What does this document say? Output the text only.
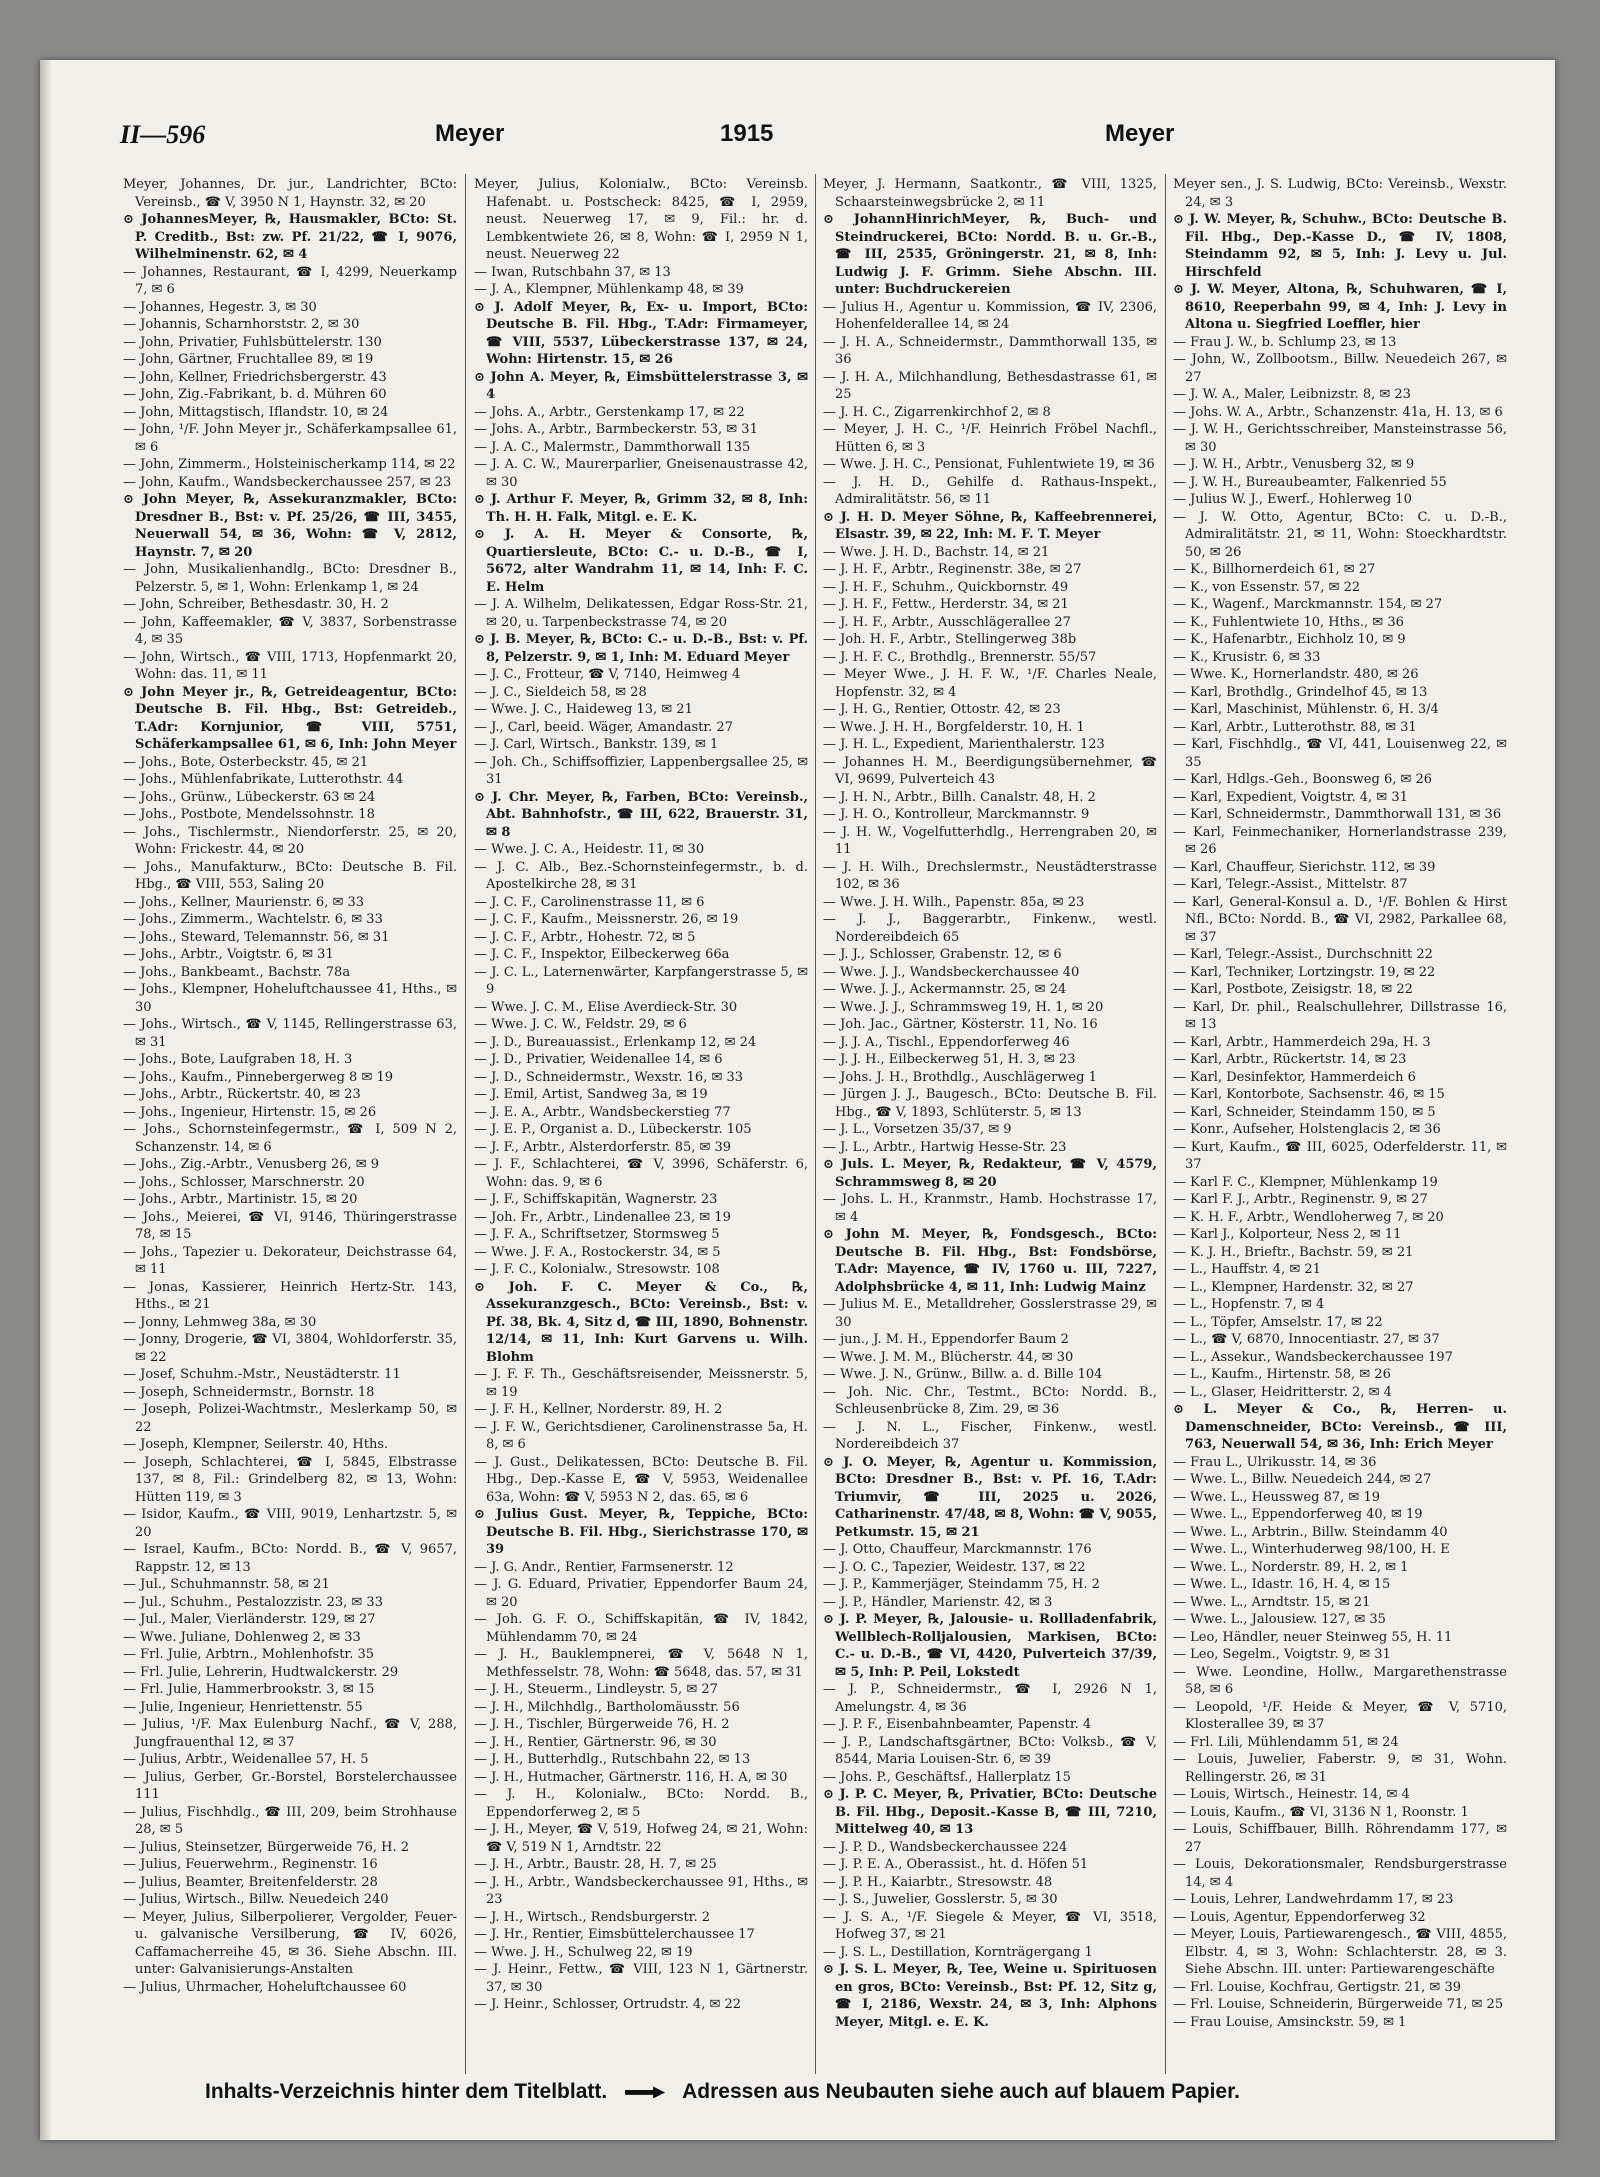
II—596	Meyer	1915	Meyer

Meyer, Johannes, Dr. jur., Landrichter, BCto: Vereinsb., ☎ V, 3950 N 1, Haynstr. 32, ✉ 20

⊙ JohannesMeyer, ℞, Hausmakler, BCto: St. P. Creditb., Bst: zw. Pf. 21/22, ☎ I, 9076, Wilhelminenstr. 62, ✉ 4

— Johannes, Restaurant, ☎ I, 4299, Neuerkamp 7, ✉ 6

— Johannes, Hegestr. 3, ✉ 30

— Johannis, Scharnhorststr. 2, ✉ 30

— John, Privatier, Fuhlsbüttelerstr. 130

— John, Gärtner, Fruchtallee 89, ✉ 19

— John, Kellner, Friedrichsbergerstr. 43

— John, Zig.-Fabrikant, b. d. Mühren 60

— John, Mittagstisch, Iflandstr. 10, ✉ 24

— John, ¹/F. John Meyer jr., Schäferkampsallee 61, ✉ 6

— John, Zimmerm., Holsteinischerkamp 114, ✉ 22

— John, Kaufm., Wandsbeckerchaussee 257, ✉ 23

⊙ John Meyer, ℞, Assekuranzmakler, BCto: Dresdner B., Bst: v. Pf. 25/26, ☎ III, 3455, Neuerwall 54, ✉ 36, Wohn: ☎ V, 2812, Haynstr. 7, ✉ 20

— John, Musikalienhandlg., BCto: Dresdner B., Pelzerstr. 5, ✉ 1, Wohn: Erlenkamp 1, ✉ 24

— John, Schreiber, Bethesdastr. 30, H. 2

— John, Kaffeemakler, ☎ V, 3837, Sorbenstrasse 4, ✉ 35

— John, Wirtsch., ☎ VIII, 1713, Hopfenmarkt 20, Wohn: das. 11, ✉ 11

⊙ John Meyer jr., ℞, Getreideagentur, BCto: Deutsche B. Fil. Hbg., Bst: Getreideb., T.Adr: Kornjunior, ☎ VIII, 5751, Schäferkampsallee 61, ✉ 6, Inh: John Meyer

— Johs., Bote, Osterbeckstr. 45, ✉ 21

— Johs., Mühlenfabrikate, Lutterothstr. 44

— Johs., Grünw., Lübeckerstr. 63 ✉ 24

— Johs., Postbote, Mendelssohnstr. 18

— Johs., Tischlermstr., Niendorferstr. 25, ✉ 20, Wohn: Frickestr. 44, ✉ 20

— Johs., Manufakturw., BCto: Deutsche B. Fil. Hbg., ☎ VIII, 553, Saling 20

— Johs., Kellner, Maurienstr. 6, ✉ 33

— Johs., Zimmerm., Wachtelstr. 6, ✉ 33

— Johs., Steward, Telemannstr. 56, ✉ 31

— Johs., Arbtr., Voigtstr. 6, ✉ 31

— Johs., Bankbeamt., Bachstr. 78a

— Johs., Klempner, Hoheluftchaussee 41, Hths., ✉ 30

— Johs., Wirtsch., ☎ V, 1145, Rellingerstrasse 63, ✉ 31

— Johs., Bote, Laufgraben 18, H. 3

— Johs., Kaufm., Pinnebergerweg 8 ✉ 19

— Johs., Arbtr., Rückertstr. 40, ✉ 23

— Johs., Ingenieur, Hirtenstr. 15, ✉ 26

— Johs., Schornsteinfegermstr., ☎ I, 509 N 2, Schanzenstr. 14, ✉ 6

— Johs., Zig.-Arbtr., Venusberg 26, ✉ 9

— Johs., Schlosser, Marschnerstr. 20

— Johs., Arbtr., Martinistr. 15, ✉ 20

— Johs., Meierei, ☎ VI, 9146, Thüringerstrasse 78, ✉ 15

— Johs., Tapezier u. Dekorateur, Deichstrasse 64, ✉ 11

— Jonas, Kassierer, Heinrich Hertz-Str. 143, Hths., ✉ 21

— Jonny, Lehmweg 38a, ✉ 30

— Jonny, Drogerie, ☎ VI, 3804, Wohldorferstr. 35, ✉ 22

— Josef, Schuhm.-Mstr., Neustädterstr. 11

— Joseph, Schneidermstr., Bornstr. 18

— Joseph, Polizei-Wachtmstr., Meslerkamp 50, ✉ 22

— Joseph, Klempner, Seilerstr. 40, Hths.

— Joseph, Schlachterei, ☎ I, 5845, Elbstrasse 137, ✉ 8, Fil.: Grindelberg 82, ✉ 13, Wohn: Hütten 119, ✉ 3

— Isidor, Kaufm., ☎ VIII, 9019, Lenhartzstr. 5, ✉ 20

— Israel, Kaufm., BCto: Nordd. B., ☎ V, 9657, Rappstr. 12, ✉ 13

— Jul., Schuhmannstr. 58, ✉ 21

— Jul., Schuhm., Pestalozzistr. 23, ✉ 33

— Jul., Maler, Vierländerstr. 129, ✉ 27

— Wwe. Juliane, Dohlenweg 2, ✉ 33

— Frl. Julie, Arbtrn., Mohlenhofstr. 35

— Frl. Julie, Lehrerin, Hudtwalckerstr. 29

— Frl. Julie, Hammerbrookstr. 3, ✉ 15

— Julie, Ingenieur, Henriettenstr. 55

— Julius, ¹/F. Max Eulenburg Nachf., ☎ V, 288, Jungfrauenthal 12, ✉ 37

— Julius, Arbtr., Weidenallee 57, H. 5

— Julius, Gerber, Gr.-Borstel, Borstelerchaussee 111

— Julius, Fischhdlg., ☎ III, 209, beim Strohhause 28, ✉ 5

— Julius, Steinsetzer, Bürgerweide 76, H. 2

— Julius, Feuerwehrm., Reginenstr. 16

— Julius, Beamter, Breitenfelderstr. 28

— Julius, Wirtsch., Billw. Neuedeich 240

— Meyer, Julius, Silberpolierer, Vergolder, Feuer- u. galvanische Versilberung, ☎ IV, 6026, Caffamacherreihe 45, ✉ 36. Siehe Abschn. III. unter: Galvanisierungs-Anstalten

— Julius, Uhrmacher, Hoheluftchaussee 60

Meyer, Julius, Kolonialw., BCto: Vereinsb. Hafenabt. u. Postscheck: 8425, ☎ I, 2959, neust. Neuerweg 17, ✉ 9, Fil.: hr. d. Lembkentwiete 26, ✉ 8, Wohn: ☎ I, 2959 N 1, neust. Neuerweg 22

— Iwan, Rutschbahn 37, ✉ 13

— J. A., Klempner, Mühlenkamp 48, ✉ 39

⊙ J. Adolf Meyer, ℞, Ex- u. Import, BCto: Deutsche B. Fil. Hbg., T.Adr: Firmameyer, ☎ VIII, 5537, Lübeckerstrasse 137, ✉ 24, Wohn: Hirtenstr. 15, ✉ 26

⊙ John A. Meyer, ℞, Eimsbüttelerstrasse 3, ✉ 4

— Johs. A., Arbtr., Gerstenkamp 17, ✉ 22

— Johs. A., Arbtr., Barmbeckerstr. 53, ✉ 31

— J. A. C., Malermstr., Dammthorwall 135

— J. A. C. W., Maurerparlier, Gneisenaustrasse 42, ✉ 30

⊙ J. Arthur F. Meyer, ℞, Grimm 32, ✉ 8, Inh: Th. H. H. Falk, Mitgl. e. E. K.

⊙ J. A. H. Meyer & Consorte, ℞, Quartiersleute, BCto: C.- u. D.-B., ☎ I, 5672, alter Wandrahm 11, ✉ 14, Inh: F. C. E. Helm

— J. A. Wilhelm, Delikatessen, Edgar Ross-Str. 21, ✉ 20, u. Tarpenbeckstrasse 74, ✉ 20

⊙ J. B. Meyer, ℞, BCto: C.- u. D.-B., Bst: v. Pf. 8, Pelzerstr. 9, ✉ 1, Inh: M. Eduard Meyer

— J. C., Frotteur, ☎ V, 7140, Heimweg 4

— J. C., Sieldeich 58, ✉ 28

— Wwe. J. C., Haideweg 13, ✉ 21

— J., Carl, beeid. Wäger, Amandastr. 27

— J. Carl, Wirtsch., Bankstr. 139, ✉ 1

— Joh. Ch., Schiffsoffizier, Lappenbergsallee 25, ✉ 31

⊙ J. Chr. Meyer, ℞, Farben, BCto: Vereinsb., Abt. Bahnhofstr., ☎ III, 622, Brauerstr. 31, ✉ 8

— Wwe. J. C. A., Heidestr. 11, ✉ 30

— J. C. Alb., Bez.-Schornsteinfegermstr., b. d. Apostelkirche 28, ✉ 31

— J. C. F., Carolinenstrasse 11, ✉ 6

— J. C. F., Kaufm., Meissnerstr. 26, ✉ 19

— J. C. F., Arbtr., Hohestr. 72, ✉ 5

— J. C. F., Inspektor, Eilbeckerweg 66a

— J. C. L., Laternenwärter, Karpfangerstrasse 5, ✉ 9

— Wwe. J. C. M., Elise Averdieck-Str. 30

— Wwe. J. C. W., Feldstr. 29, ✉ 6

— J. D., Bureauassist., Erlenkamp 12, ✉ 24

— J. D., Privatier, Weidenallee 14, ✉ 6

— J. D., Schneidermstr., Wexstr. 16, ✉ 33

— J. Emil, Artist, Sandweg 3a, ✉ 19

— J. E. A., Arbtr., Wandsbeckerstieg 77

— J. E. P., Organist a. D., Lübeckerstr. 105

— J. F., Arbtr., Alsterdorferstr. 85, ✉ 39

— J. F., Schlachterei, ☎ V, 3996, Schäferstr. 6, Wohn: das. 9, ✉ 6

— J. F., Schiffskapitän, Wagnerstr. 23

— Joh. Fr., Arbtr., Lindenallee 23, ✉ 19

— J. F. A., Schriftsetzer, Stormsweg 5

— Wwe. J. F. A., Rostockerstr. 34, ✉ 5

— J. F. C., Kolonialw., Stresowstr. 108

⊙ Joh. F. C. Meyer & Co., ℞, Assekuranzgesch., BCto: Vereinsb., Bst: v. Pf. 38, Bk. 4, Sitz d, ☎ III, 1890, Bohnenstr. 12/14, ✉ 11, Inh: Kurt Garvens u. Wilh. Blohm

— J. F. F. Th., Geschäftsreisender, Meissnerstr. 5, ✉ 19

— J. F. H., Kellner, Norderstr. 89, H. 2

— J. F. W., Gerichtsdiener, Carolinenstrasse 5a, H. 8, ✉ 6

— J. Gust., Delikatessen, BCto: Deutsche B. Fil. Hbg., Dep.-Kasse E, ☎ V, 5953, Weidenallee 63a, Wohn: ☎ V, 5953 N 2, das. 65, ✉ 6

⊙ Julius Gust. Meyer, ℞, Teppiche, BCto: Deutsche B. Fil. Hbg., Sierichstrasse 170, ✉ 39

— J. G. Andr., Rentier, Farmsenerstr. 12

— J. G. Eduard, Privatier, Eppendorfer Baum 24, ✉ 20

— Joh. G. F. O., Schiffskapitän, ☎ IV, 1842, Mühlendamm 70, ✉ 24

— J. H., Bauklempnerei, ☎ V, 5648 N 1, Methfesselstr. 78, Wohn: ☎ 5648, das. 57, ✉ 31

— J. H., Steuerm., Lindleystr. 5, ✉ 27

— J. H., Milchhdlg., Bartholomäusstr. 56

— J. H., Tischler, Bürgerweide 76, H. 2

— J. H., Rentier, Gärtnerstr. 96, ✉ 30

— J. H., Butterhdlg., Rutschbahn 22, ✉ 13

— J. H., Hutmacher, Gärtnerstr. 116, H. A, ✉ 30

— J. H., Kolonialw., BCto: Nordd. B., Eppendorferweg 2, ✉ 5

— J. H., Meyer, ☎ V, 519, Hofweg 24, ✉ 21, Wohn: ☎ V, 519 N 1, Arndtstr. 22

— J. H., Arbtr., Baustr. 28, H. 7, ✉ 25

— J. H., Arbtr., Wandsbeckerchaussee 91, Hths., ✉ 23

— J. H., Wirtsch., Rendsburgerstr. 2

— J. Hr., Rentier, Eimsbüttelerchaussee 17

— Wwe. J. H., Schulweg 22, ✉ 19

— J. Heinr., Fettw., ☎ VIII, 123 N 1, Gärtnerstr. 37, ✉ 30

— J. Heinr., Schlosser, Ortrudstr. 4, ✉ 22

Meyer, J. Hermann, Saatkontr., ☎ VIII, 1325, Schaarsteinwegsbrücke 2, ✉ 11

⊙ JohannHinrichMeyer, ℞, Buch- und Steindruckerei, BCto: Nordd. B. u. Gr.-B., ☎ III, 2535, Gröningerstr. 21, ✉ 8, Inh: Ludwig J. F. Grimm. Siehe Abschn. III. unter: Buchdruckereien

— Julius H., Agentur u. Kommission, ☎ IV, 2306, Hohenfelderallee 14, ✉ 24

— J. H. A., Schneidermstr., Dammthorwall 135, ✉ 36

— J. H. A., Milchhandlung, Bethesdastrasse 61, ✉ 25

— J. H. C., Zigarrenkirchhof 2, ✉ 8

— Meyer, J. H. C., ¹/F. Heinrich Fröbel Nachfl., Hütten 6, ✉ 3

— Wwe. J. H. C., Pensionat, Fuhlentwiete 19, ✉ 36

— J. H. D., Gehilfe d. Rathaus-Inspekt., Admiralitätstr. 56, ✉ 11

⊙ J. H. D. Meyer Söhne, ℞, Kaffeebrennerei, Elsastr. 39, ✉ 22, Inh: M. F. T. Meyer

— Wwe. J. H. D., Bachstr. 14, ✉ 21

— J. H. F., Arbtr., Reginenstr. 38e, ✉ 27

— J. H. F., Schuhm., Quickbornstr. 49

— J. H. F., Fettw., Herderstr. 34, ✉ 21

— J. H. F., Arbtr., Ausschlägerallee 27

— Joh. H. F., Arbtr., Stellingerweg 38b

— J. H. F. C., Brothdlg., Brennerstr. 55/57

— Meyer Wwe., J. H. F. W., ¹/F. Charles Neale, Hopfenstr. 32, ✉ 4

— J. H. G., Rentier, Ottostr. 42, ✉ 23

— Wwe. J. H. H., Borgfelderstr. 10, H. 1

— J. H. L., Expedient, Marienthalerstr. 123

— Johannes H. M., Beerdigungsübernehmer, ☎ VI, 9699, Pulverteich 43

— J. H. N., Arbtr., Billh. Canalstr. 48, H. 2

— J. H. O., Kontrolleur, Marckmannstr. 9

— J. H. W., Vogelfutterhdlg., Herrengraben 20, ✉ 11

— J. H. Wilh., Drechslermstr., Neustädterstrasse 102, ✉ 36

— Wwe. J. H. Wilh., Papenstr. 85a, ✉ 23

— J. J., Baggerarbtr., Finkenw., westl. Nordereibdeich 65

— J. J., Schlosser, Grabenstr. 12, ✉ 6

— Wwe. J. J., Wandsbeckerchaussee 40

— Wwe. J. J., Ackermannstr. 25, ✉ 24

— Wwe. J. J., Schrammsweg 19, H. 1, ✉ 20

— Joh. Jac., Gärtner, Kösterstr. 11, No. 16

— J. J. A., Tischl., Eppendorferweg 46

— J. J. H., Eilbeckerweg 51, H. 3, ✉ 23

— Johs. J. H., Brothdlg., Auschlägerweg 1

— Jürgen J. J., Baugesch., BCto: Deutsche B. Fil. Hbg., ☎ V, 1893, Schlüterstr. 5, ✉ 13

— J. L., Vorsetzen 35/37, ✉ 9

— J. L., Arbtr., Hartwig Hesse-Str. 23

⊙ Juls. L. Meyer, ℞, Redakteur, ☎ V, 4579, Schrammsweg 8, ✉ 20

— Johs. L. H., Kranmstr., Hamb. Hochstrasse 17, ✉ 4

⊙ John M. Meyer, ℞, Fondsgesch., BCto: Deutsche B. Fil. Hbg., Bst: Fondsbörse, T.Adr: Mayence, ☎ IV, 1760 u. III, 7227, Adolphsbrücke 4, ✉ 11, Inh: Ludwig Mainz

— Julius M. E., Metalldreher, Gosslerstrasse 29, ✉ 30

— jun., J. M. H., Eppendorfer Baum 2

— Wwe. J. M. M., Blücherstr. 44, ✉ 30

— Wwe. J. N., Grünw., Billw. a. d. Bille 104

— Joh. Nic. Chr., Testmt., BCto: Nordd. B., Schleusenbrücke 8, Zim. 29, ✉ 36

— J. N. L., Fischer, Finkenw., westl. Nordereibdeich 37

⊙ J. O. Meyer, ℞, Agentur u. Kommission, BCto: Dresdner B., Bst: v. Pf. 16, T.Adr: Triumvir, ☎ III, 2025 u. 2026, Catharinenstr. 47/48, ✉ 8, Wohn: ☎ V, 9055, Petkumstr. 15, ✉ 21

— J. Otto, Chauffeur, Marckmannstr. 176

— J. O. C., Tapezier, Weidestr. 137, ✉ 22

— J. P., Kammerjäger, Steindamm 75, H. 2

— J. P., Händler, Marienstr. 42, ✉ 3

⊙ J. P. Meyer, ℞, Jalousie- u. Rollladenfabrik, Wellblech-Rolljalousien, Markisen, BCto: C.- u. D.-B., ☎ VI, 4420, Pulverteich 37/39, ✉ 5, Inh: P. Peil, Lokstedt

— J. P., Schneidermstr., ☎ I, 2926 N 1, Amelungstr. 4, ✉ 36

— J. P. F., Eisenbahnbeamter, Papenstr. 4

— J. P., Landschaftsgärtner, BCto: Volksb., ☎ V, 8544, Maria Louisen-Str. 6, ✉ 39

— Johs. P., Geschäftsf., Hallerplatz 15

⊙ J. P. C. Meyer, ℞, Privatier, BCto: Deutsche B. Fil. Hbg., Deposit.-Kasse B, ☎ III, 7210, Mittelweg 40, ✉ 13

— J. P. D., Wandsbeckerchaussee 224

— J. P. E. A., Oberassist., ht. d. Höfen 51

— J. P. H., Kaiarbtr., Stresowstr. 48

— J. S., Juwelier, Gosslerstr. 5, ✉ 30

— J. S. A., ¹/F. Siegele & Meyer, ☎ VI, 3518, Hofweg 37, ✉ 21

— J. S. L., Destillation, Kornträgergang 1

⊙ J. S. L. Meyer, ℞, Tee, Weine u. Spirituosen en gros, BCto: Vereinsb., Bst: Pf. 12, Sitz g, ☎ I, 2186, Wexstr. 24, ✉ 3, Inh: Alphons Meyer, Mitgl. e. E. K.

Meyer sen., J. S. Ludwig, BCto: Vereinsb., Wexstr. 24, ✉ 3

⊙ J. W. Meyer, ℞, Schuhw., BCto: Deutsche B. Fil. Hbg., Dep.-Kasse D., ☎ IV, 1808, Steindamm 92, ✉ 5, Inh: J. Levy u. Jul. Hirschfeld

⊙ J. W. Meyer, Altona, ℞, Schuhwaren, ☎ I, 8610, Reeperbahn 99, ✉ 4, Inh: J. Levy in Altona u. Siegfried Loeffler, hier

— Frau J. W., b. Schlump 23, ✉ 13

— John, W., Zollbootsm., Billw. Neuedeich 267, ✉ 27

— J. W. A., Maler, Leibnizstr. 8, ✉ 23

— Johs. W. A., Arbtr., Schanzenstr. 41a, H. 13, ✉ 6

— J. W. H., Gerichtsschreiber, Mansteinstrasse 56, ✉ 30

— J. W. H., Arbtr., Venusberg 32, ✉ 9

— J. W. H., Bureaubeamter, Falkenried 55

— Julius W. J., Ewerf., Hohlerweg 10

— J. W. Otto, Agentur, BCto: C. u. D.-B., Admiralitätstr. 21, ✉ 11, Wohn: Stoeckhardtstr. 50, ✉ 26

— K., Billhornerdeich 61, ✉ 27

— K., von Essenstr. 57, ✉ 22

— K., Wagenf., Marckmannstr. 154, ✉ 27

— K., Fuhlentwiete 10, Hths., ✉ 36

— K., Hafenarbtr., Eichholz 10, ✉ 9

— K., Krusistr. 6, ✉ 33

— Wwe. K., Hornerlandstr. 480, ✉ 26

— Karl, Brothdlg., Grindelhof 45, ✉ 13

— Karl, Maschinist, Mühlenstr. 6, H. 3/4

— Karl, Arbtr., Lutterothstr. 88, ✉ 31

— Karl, Fischhdlg., ☎ VI, 441, Louisenweg 22, ✉ 35

— Karl, Hdlgs.-Geh., Boonsweg 6, ✉ 26

— Karl, Expedient, Voigtstr. 4, ✉ 31

— Karl, Schneidermstr., Dammthorwall 131, ✉ 36

— Karl, Feinmechaniker, Hornerlandstrasse 239, ✉ 26

— Karl, Chauffeur, Sierichstr. 112, ✉ 39

— Karl, Telegr.-Assist., Mittelstr. 87

— Karl, General-Konsul a. D., ¹/F. Bohlen & Hirst Nfl., BCto: Nordd. B., ☎ VI, 2982, Parkallee 68, ✉ 37

— Karl, Telegr.-Assist., Durchschnitt 22

— Karl, Techniker, Lortzingstr. 19, ✉ 22

— Karl, Postbote, Zeisigstr. 18, ✉ 22

— Karl, Dr. phil., Realschullehrer, Dillstrasse 16, ✉ 13

— Karl, Arbtr., Hammerdeich 29a, H. 3

— Karl, Arbtr., Rückertstr. 14, ✉ 23

— Karl, Desinfektor, Hammerdeich 6

— Karl, Kontorbote, Sachsenstr. 46, ✉ 15

— Karl, Schneider, Steindamm 150, ✉ 5

— Konr., Aufseher, Holstenglacis 2, ✉ 36

— Kurt, Kaufm., ☎ III, 6025, Oderfelderstr. 11, ✉ 37

— Karl F. C., Klempner, Mühlenkamp 19

— Karl F. J., Arbtr., Reginenstr. 9, ✉ 27

— K. H. F., Arbtr., Wendloherweg 7, ✉ 20

— Karl J., Kolporteur, Ness 2, ✉ 11

— K. J. H., Brieftr., Bachstr. 59, ✉ 21

— L., Hauffstr. 4, ✉ 21

— L., Klempner, Hardenstr. 32, ✉ 27

— L., Hopfenstr. 7, ✉ 4

— L., Töpfer, Amselstr. 17, ✉ 22

— L., ☎ V, 6870, Innocentiastr. 27, ✉ 37

— L., Assekur., Wandsbeckerchaussee 197

— L., Kaufm., Hirtenstr. 58, ✉ 26

— L., Glaser, Heidritterstr. 2, ✉ 4

⊙ L. Meyer & Co., ℞, Herren- u. Damenschneider, BCto: Vereinsb., ☎ III, 763, Neuerwall 54, ✉ 36, Inh: Erich Meyer

— Frau L., Ulrikusstr. 14, ✉ 36

— Wwe. L., Billw. Neuedeich 244, ✉ 27

— Wwe. L., Heussweg 87, ✉ 19

— Wwe. L., Eppendorferweg 40, ✉ 19

— Wwe. L., Arbtrin., Billw. Steindamm 40

— Wwe. L., Winterhuderweg 98/100, H. E

— Wwe. L., Norderstr. 89, H. 2, ✉ 1

— Wwe. L., Idastr. 16, H. 4, ✉ 15

— Wwe. L., Arndtstr. 15, ✉ 21

— Wwe. L., Jalousiew. 127, ✉ 35

— Leo, Händler, neuer Steinweg 55, H. 11

— Leo, Segelm., Voigtstr. 9, ✉ 31

— Wwe. Leondine, Hollw., Margarethenstrasse 58, ✉ 6

— Leopold, ¹/F. Heide & Meyer, ☎ V, 5710, Klosterallee 39, ✉ 37

— Frl. Lili, Mühlendamm 51, ✉ 24

— Louis, Juwelier, Faberstr. 9, ✉ 31, Wohn. Rellingerstr. 26, ✉ 31

— Louis, Wirtsch., Heinestr. 14, ✉ 4

— Louis, Kaufm., ☎ VI, 3136 N 1, Roonstr. 1

— Louis, Schiffbauer, Billh. Röhrendamm 177, ✉ 27

— Louis, Dekorationsmaler, Rendsburgerstrasse 14, ✉ 4

— Louis, Lehrer, Landwehrdamm 17, ✉ 23

— Louis, Agentur, Eppendorferweg 32

— Meyer, Louis, Partiewarengesch., ☎ VIII, 4855, Elbstr. 4, ✉ 3, Wohn: Schlachterstr. 28, ✉ 3. Siehe Abschn. III. unter: Partiewarengeschäfte

— Frl. Louise, Kochfrau, Gertigstr. 21, ✉ 39

— Frl. Louise, Schneiderin, Bürgerweide 71, ✉ 25

— Frau Louise, Amsinckstr. 59, ✉ 1

Inhalts-Verzeichnis hinter dem Titelblatt.	Adressen aus Neubauten siehe auch auf blauem Papier.
